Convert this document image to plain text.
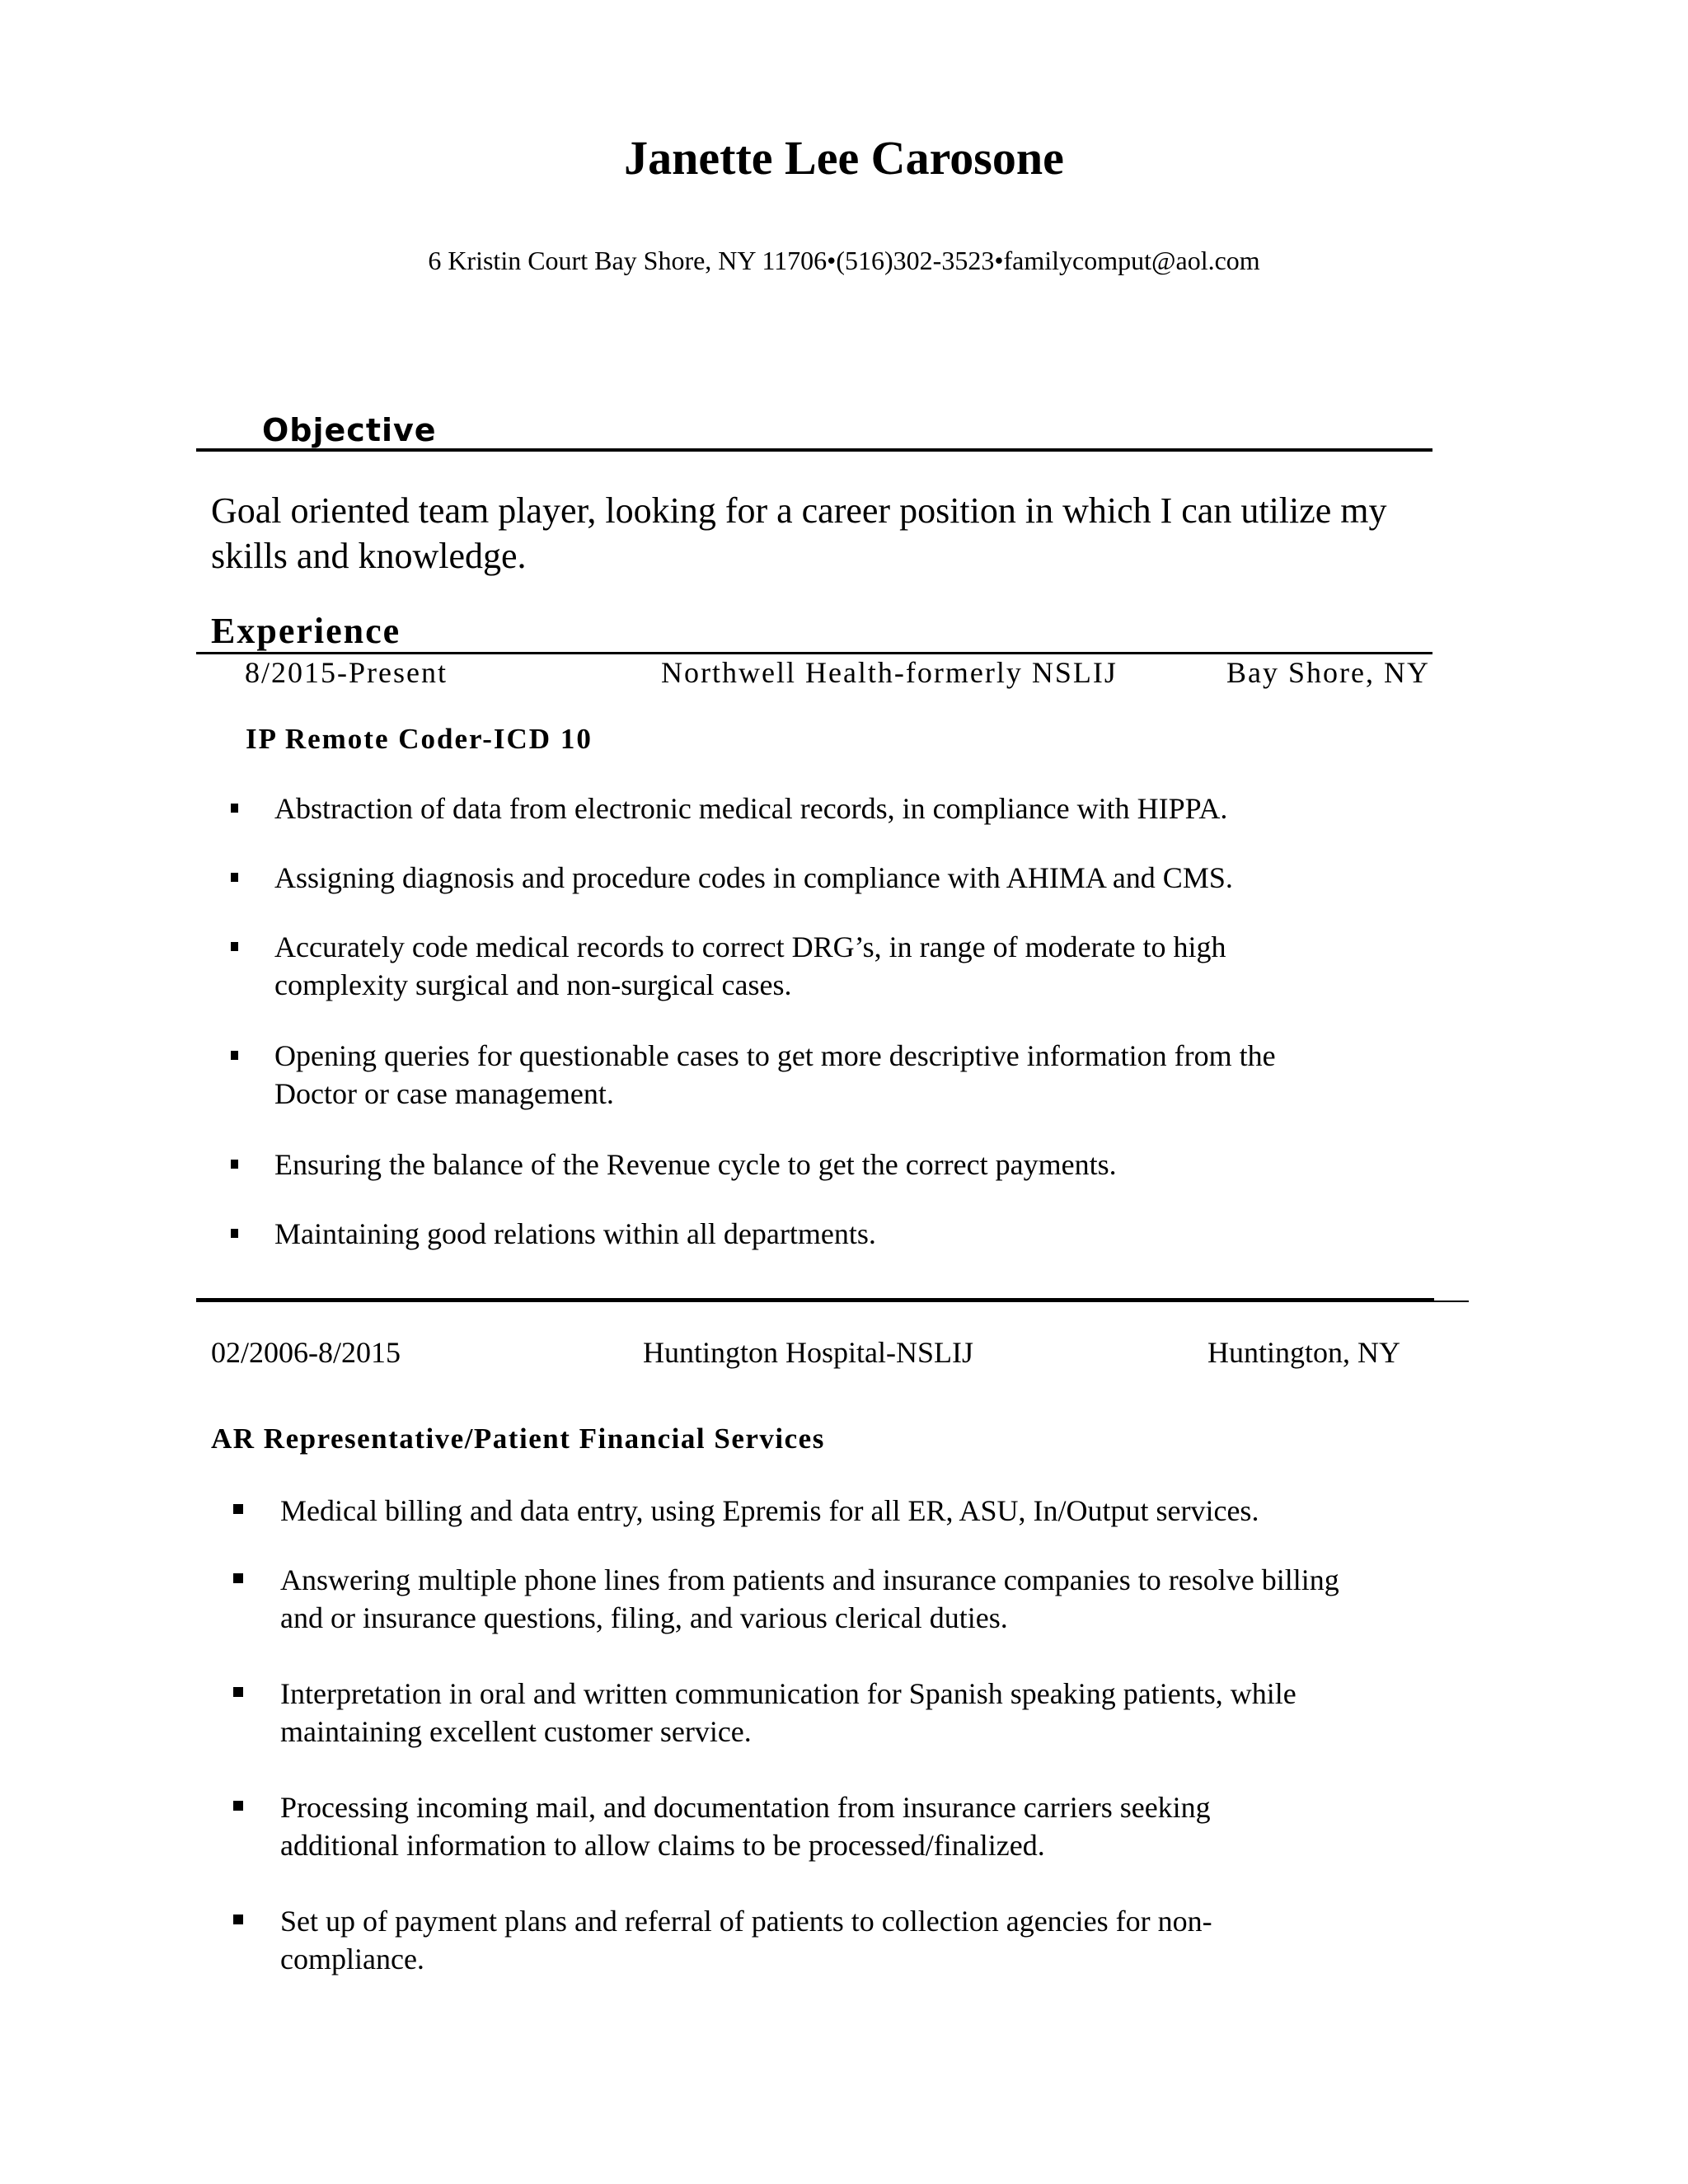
Janette Lee Carosone
6 Kristin Court Bay Shore, NY 11706•(516)302-3523•familycomput@aol.com
Objective
Goal oriented team player, looking for a career position in which I can utilize my skills and knowledge.
Experience
8/2015-Present	Northwell Health-formerly NSLIJ	Bay Shore, NY
IP Remote Coder-ICD 10
Abstraction of data from electronic medical records, in compliance with HIPPA.
Assigning diagnosis and procedure codes in compliance with AHIMA and CMS.
Accurately code medical records to correct DRG’s, in range of moderate to high
complexity surgical and non-surgical cases.
Opening queries for questionable cases to get more descriptive information from the
Doctor or case management.
Ensuring the balance of the Revenue cycle to get the correct payments.
Maintaining good relations within all departments.
02/2006-8/2015	Huntington Hospital-NSLIJ	Huntington, NY
AR Representative/Patient Financial Services
Medical billing and data entry, using Epremis for all ER, ASU, In/Output services.
Answering multiple phone lines from patients and insurance companies to resolve billing
and or insurance questions, filing, and various clerical duties.
Interpretation in oral and written communication for Spanish speaking patients, while
maintaining excellent customer service.
Processing incoming mail, and documentation from insurance carriers seeking
additional information to allow claims to be processed/finalized.
Set up of payment plans and referral of patients to collection agencies for non-
compliance.
